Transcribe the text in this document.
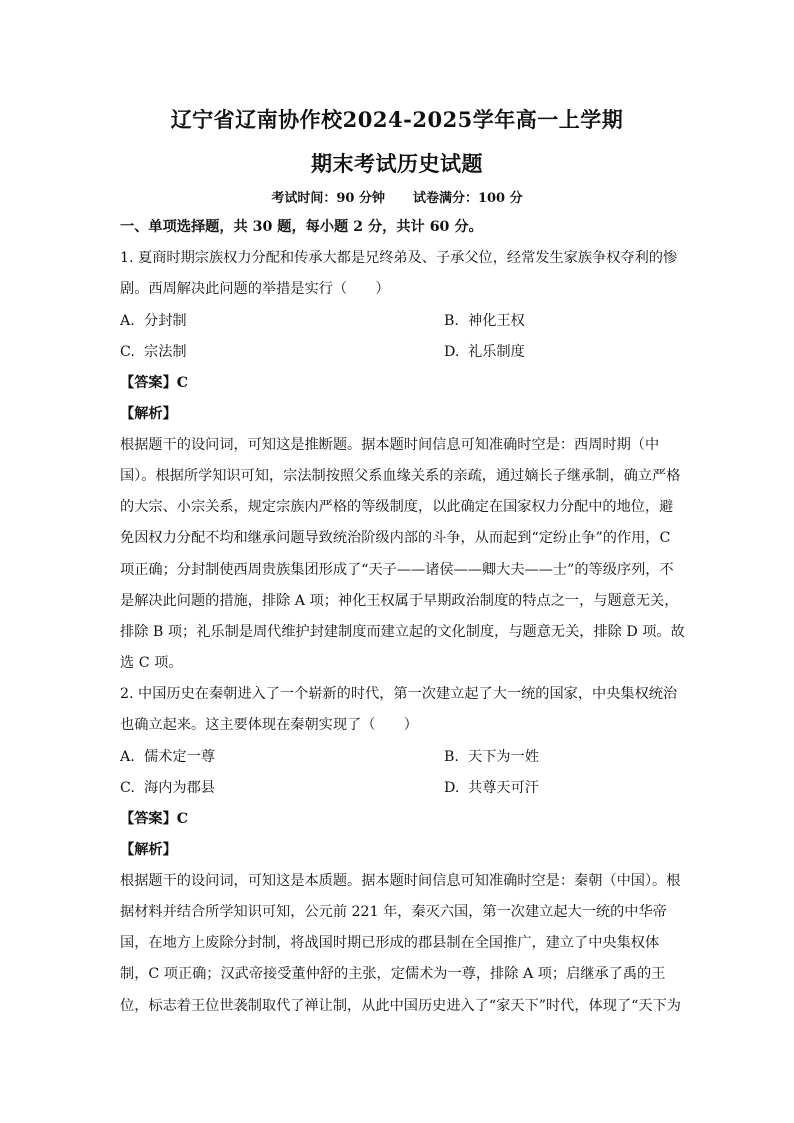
辽宁省辽南协作校2024-2025学年高一上学期
期末考试历史试题
考试时间：90 分钟 试卷满分：100 分
一、单项选择题，共 30 题，每小题 2 分，共计 60 分。
1. 夏商时期宗族权力分配和传承大都是兄终弟及、子承父位，经常发生家族争权夺利的惨
剧。西周解决此问题的举措是实行（　　）
A. 分封制	B. 神化王权
C. 宗法制	D. 礼乐制度
【答案】C
【解析】
根据题干的设问词，可知这是推断题。据本题时间信息可知准确时空是：西周时期（中
国）。根据所学知识可知，宗法制按照父系血缘关系的亲疏，通过嫡长子继承制，确立严格
的大宗、小宗关系，规定宗族内严格的等级制度，以此确定在国家权力分配中的地位，避
免因权力分配不均和继承问题导致统治阶级内部的斗争，从而起到“定纷止争”的作用，C
项正确；分封制使西周贵族集团形成了“天子——诸侯——卿大夫——士”的等级序列，不
是解决此问题的措施，排除 A 项；神化王权属于早期政治制度的特点之一，与题意无关，
排除 B 项；礼乐制是周代维护封建制度而建立起的文化制度，与题意无关，排除 D 项。故
选 C 项。
2. 中国历史在秦朝进入了一个崭新的时代，第一次建立起了大一统的国家，中央集权统治
也确立起来。这主要体现在秦朝实现了（　　）
A. 儒术定一尊	B. 天下为一姓
C. 海内为郡县	D. 共尊天可汗
【答案】C
【解析】
根据题干的设问词，可知这是本质题。据本题时间信息可知准确时空是：秦朝（中国）。根
据材料并结合所学知识可知，公元前 221 年，秦灭六国，第一次建立起大一统的中华帝
国，在地方上废除分封制，将战国时期已形成的郡县制在全国推广，建立了中央集权体
制，C 项正确；汉武帝接受董仲舒的主张，定儒术为一尊，排除 A 项；启继承了禹的王
位，标志着王位世袭制取代了禅让制，从此中国历史进入了“家天下”时代，体现了“天下为
